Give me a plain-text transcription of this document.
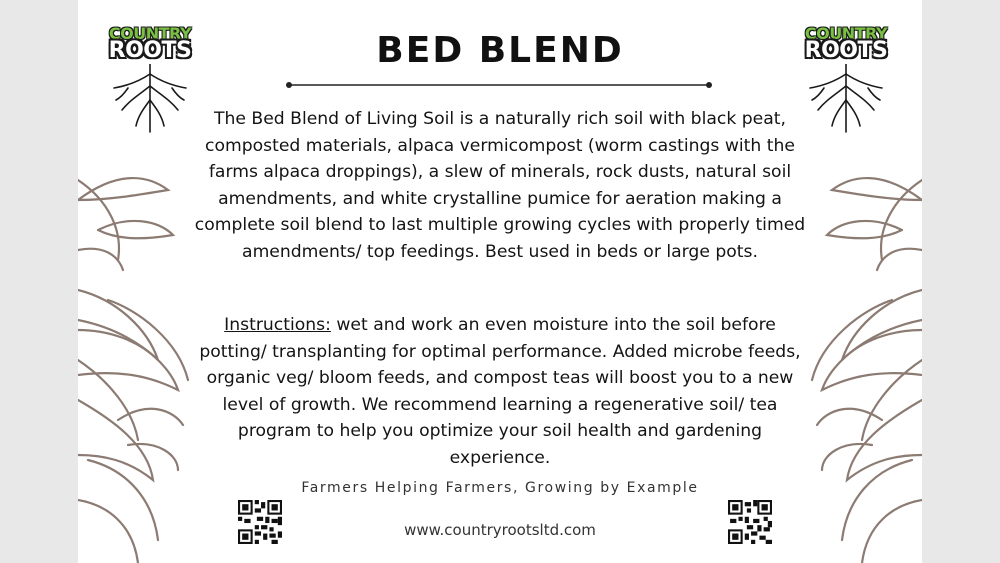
COUNTRY
ROOTS
COUNTRY
ROOTS
BED BLEND

The Bed Blend of Living Soil is a naturally rich soil with black peat, composted materials, alpaca vermicompost (worm castings with the farms alpaca droppings), a slew of minerals, rock dusts, natural soil amendments, and white crystalline pumice for aeration making a complete soil blend to last multiple growing cycles with properly timed amendments/ top feedings. Best used in beds or large pots.

Instructions: wet and work an even moisture into the soil before potting/ transplanting for optimal performance. Added microbe feeds, organic veg/ bloom feeds, and compost teas will boost you to a new level of growth. We recommend learning a regenerative soil/ tea program to help you optimize your soil health and gardening experience.

Farmers Helping Farmers, Growing by Example
www.countryrootsltd.com
